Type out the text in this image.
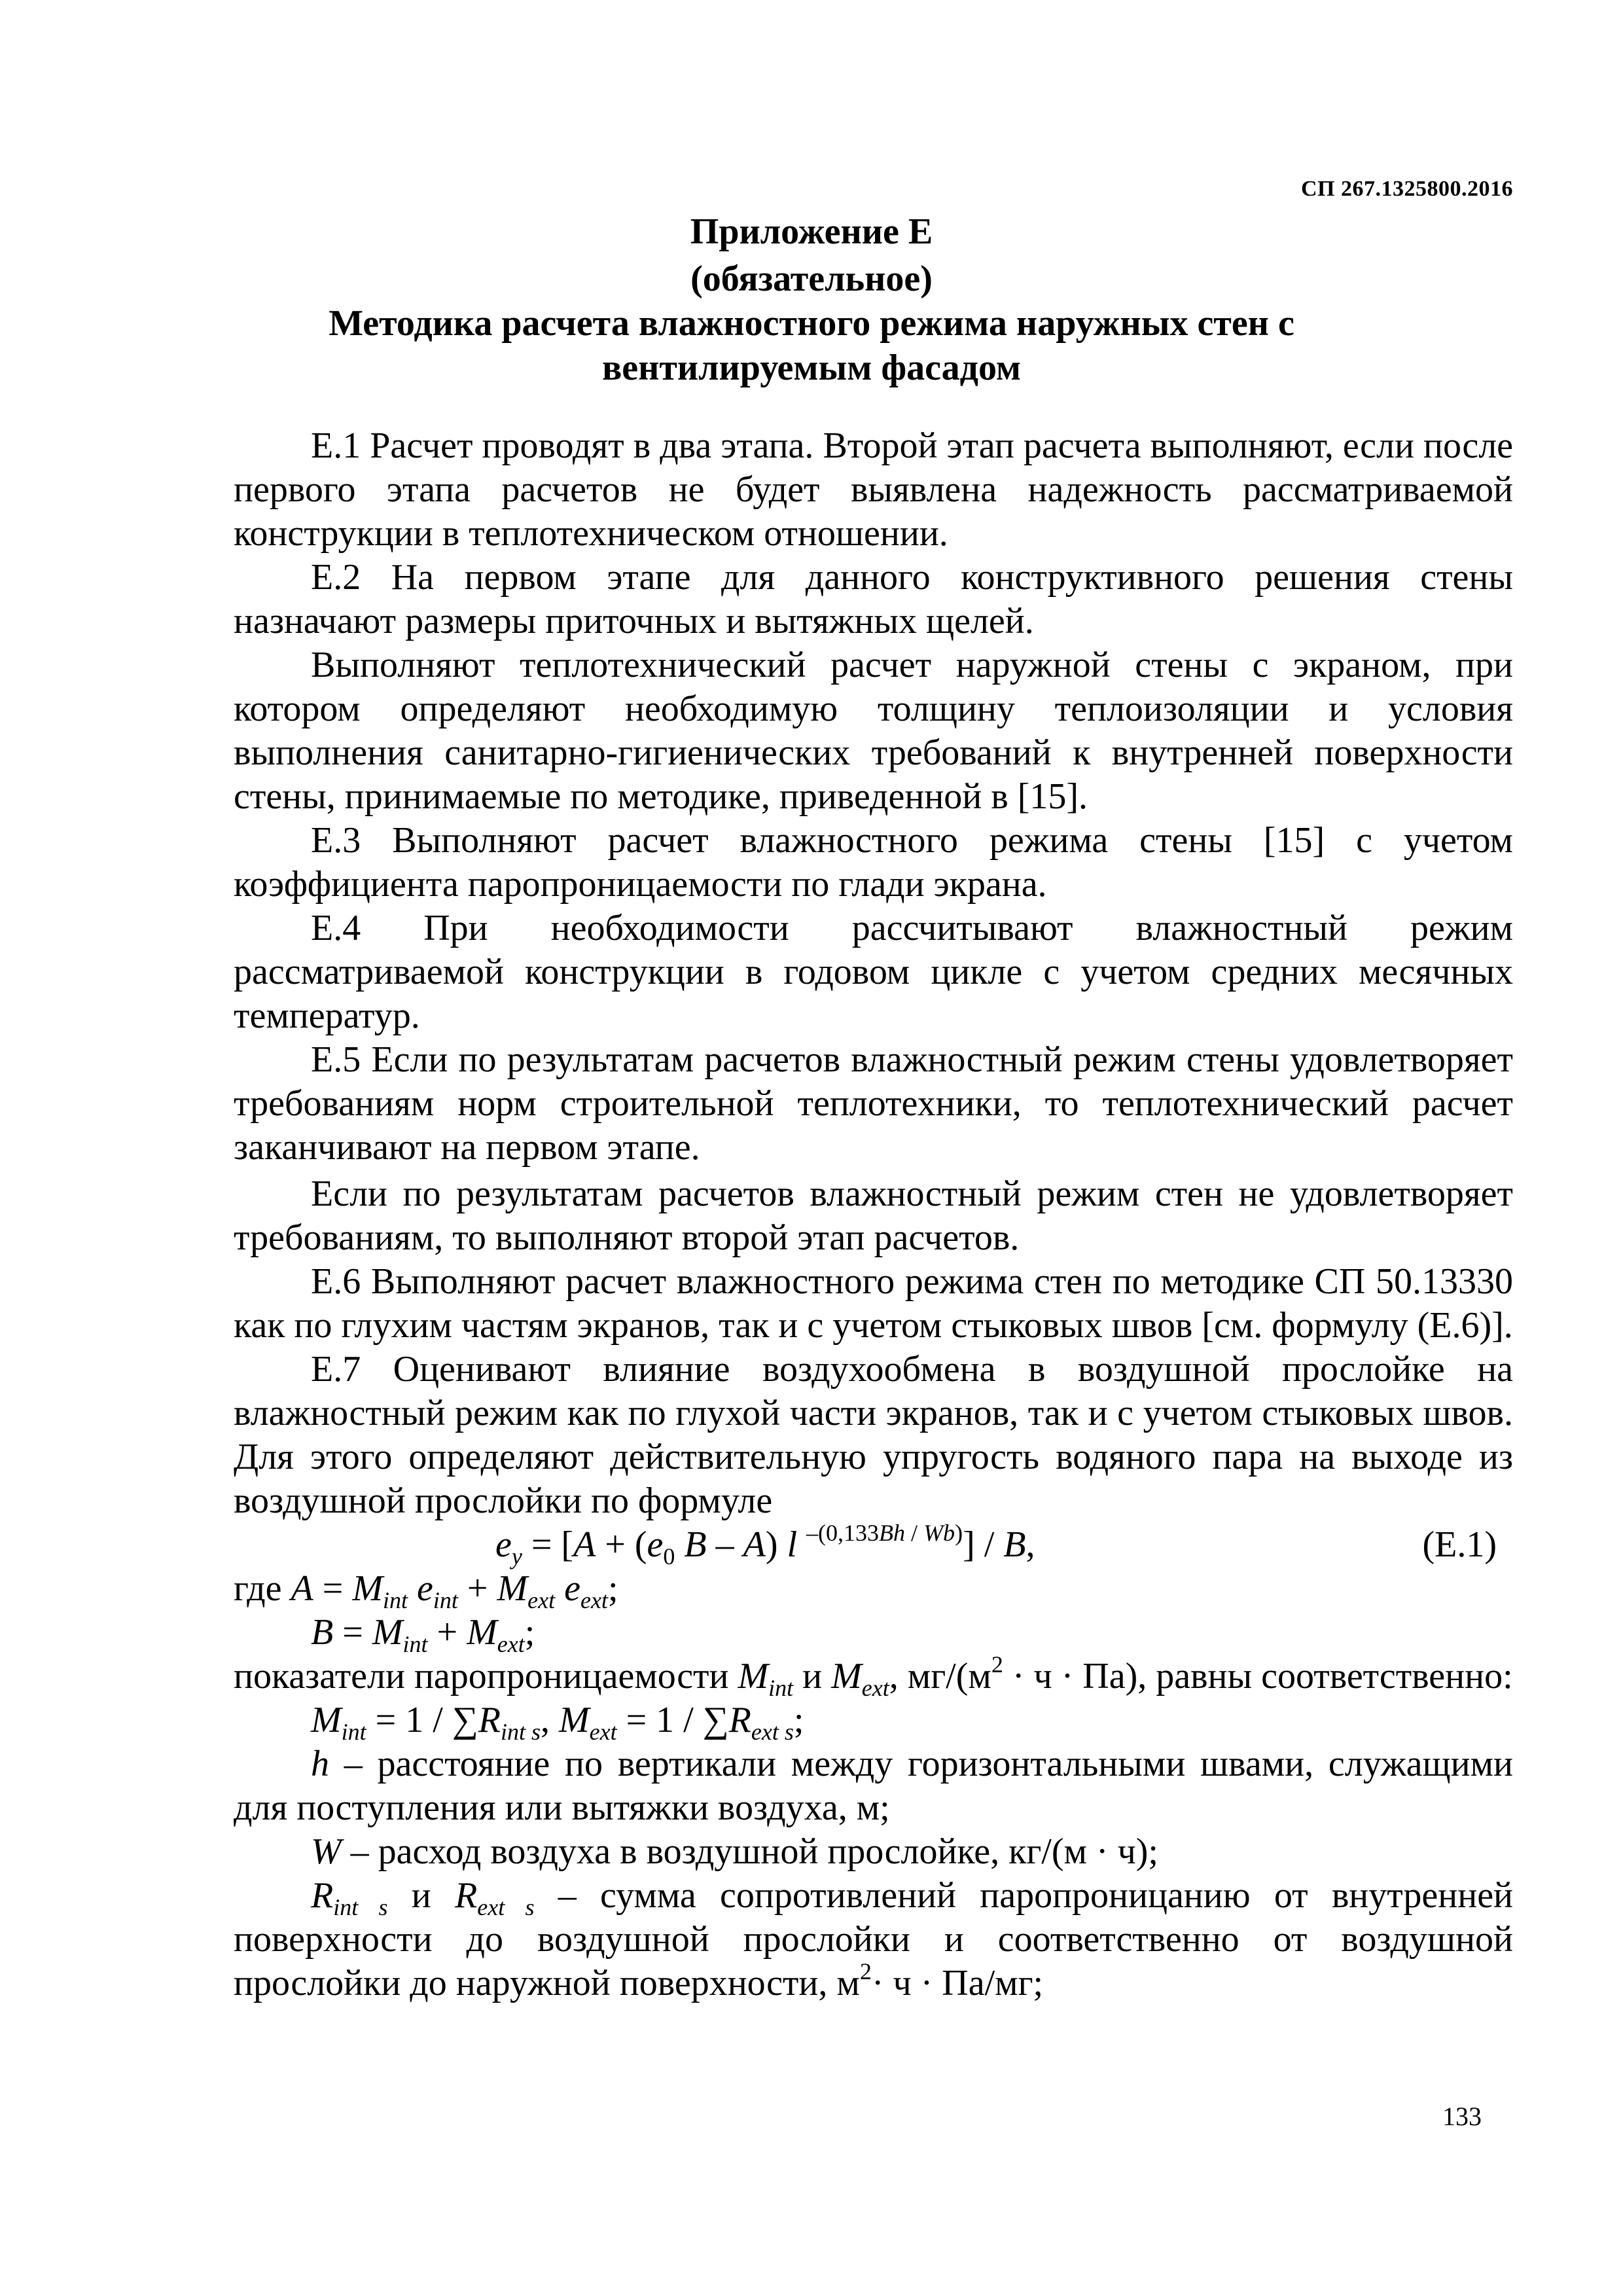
СП 267.1325800.2016
Приложение Е
(обязательное)
Методика расчета влажностного режима наружных стен с
вентилируемым фасадом

Е.1 Расчет проводят в два этапа. Второй этап расчета выполняют, если после первого этапа расчетов не будет выявлена надежность рассматриваемой конструкции в теплотехническом отношении.

Е.2 На первом этапе для данного конструктивного решения стены назначают размеры приточных и вытяжных щелей.

Выполняют теплотехнический расчет наружной стены с экраном, при котором определяют необходимую толщину теплоизоляции и условия выполнения санитарно-гигиенических требований к внутренней поверхности стены, принимаемые по методике, приведенной в [15].

Е.3 Выполняют расчет влажностного режима стены [15] с учетом коэффициента паропроницаемости по глади экрана.

Е.4 При необходимости рассчитывают влажностный режим рассматриваемой конструкции в годовом цикле с учетом средних месячных температур.

Е.5 Если по результатам расчетов влажностный режим стены удовлетворяет требованиям норм строительной теплотехники, то теплотехнический расчет заканчивают на первом этапе.

Если по результатам расчетов влажностный режим стен не удовлетворяет требованиям, то выполняют второй этап расчетов.

Е.6 Выполняют расчет влажностного режима стен по методике СП 50.13330 как по глухим частям экранов, так и с учетом стыковых швов [см. формулу (Е.6)].

Е.7 Оценивают влияние воздухообмена в воздушной прослойке на влажностный режим как по глухой части экранов, так и с учетом стыковых швов. Для этого определяют действительную упругость водяного пара на выходе из воздушной прослойки по формуле

$e_y = [A + (e_0$ B – A) l $^{-(0,133Bh / Wb)}$] / B,	(Е.1)

где $A = M_{int}$ $e_{int} + M_{ext}$ $e_{ext}$;

$B = M_{int} + M_{ext}$;

показатели паропроницаемости $M_{int}$ и $M_{ext}$, $мг/(м^2 \cdot ч \cdot Па)$, равны соответственно:

$M_{int} = 1 / \sum R_{int s}$, $M_{ext} = 1 / \sum R_{ext s}$;

h – расстояние по вертикали между горизонтальными швами, служащими для поступления или вытяжки воздуха, м;

W – расход воздуха в воздушной прослойке, кг/(м · ч);

$R_{int s}$ и $R_{ext s}$ – сумма сопротивлений паропроницанию от внутренней поверхности до воздушной прослойки и соответственно от воздушной прослойки до наружной поверхности, $м^2\cdot ч \cdot Па/мг$;

133
